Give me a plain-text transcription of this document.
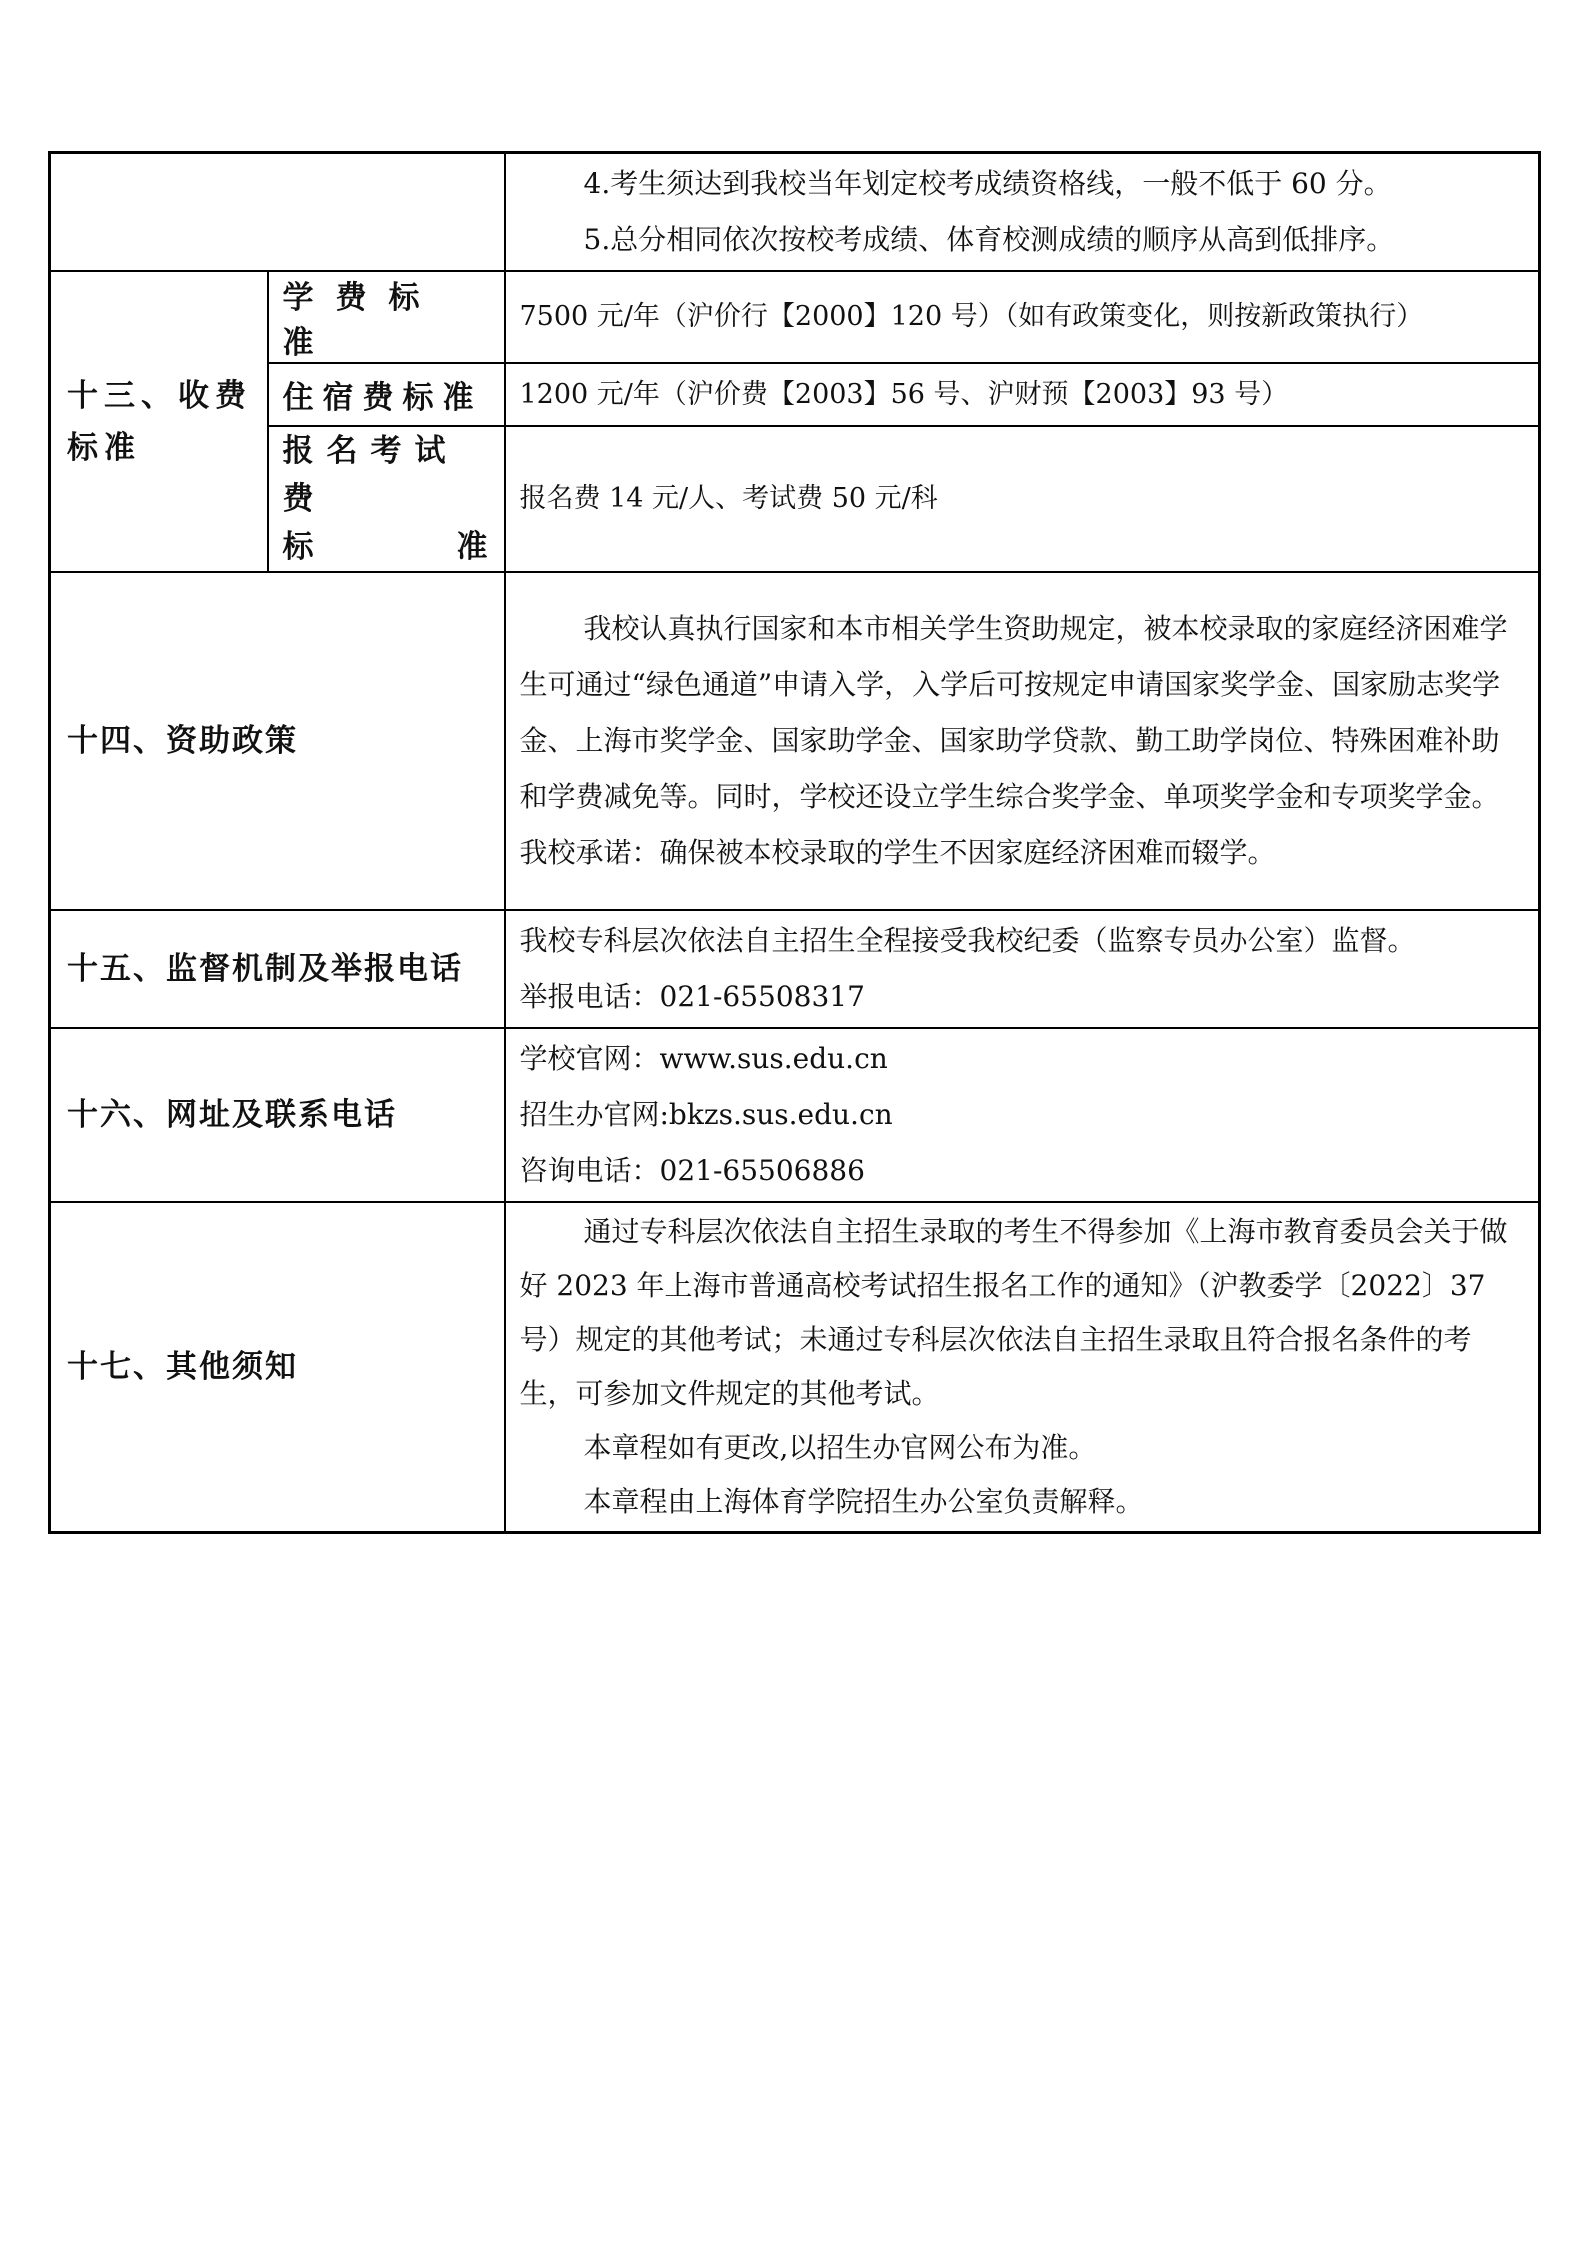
		4.考生须达到我校当年划定校考成绩资格线，一般不低于 60 分。

5.总分相同依次按校考成绩、体育校测成绩的顺序从高到低排序。

十三、收费标准	学费标准	7500 元/年（沪价行【2000】120 号）（如有政策变化，则按新政策执行）
	住宿费标准	1200 元/年（沪价费【2003】56 号、沪财预【2003】93 号）

	报名考试费
标 准	报名费 14 元/人、考试费 50 元/科
十四、资助政策		我校认真执行国家和本市相关学生资助规定，被本校录取的家庭经济困难学生可通过“绿色通道”申请入学，入学后可按规定申请国家奖学金、国家励志奖学金、上海市奖学金、国家助学金、国家助学贷款、勤工助学岗位、特殊困难补助和学费减免等。同时，学校还设立学生综合奖学金、单项奖学金和专项奖学金。我校承诺：确保被本校录取的学生不因家庭经济困难而辍学。

十五、监督机制及举报电话		我校专科层次依法自主招生全程接受我校纪委（监察专员办公室）监督。

举报电话：021-65508317

十六、网址及联系电话		学校官网：www.sus.edu.cn

招生办官网:bkzs.sus.edu.cn

咨询电话：021-65506886

十七、其他须知		通过专科层次依法自主招生录取的考生不得参加《上海市教育委员会关于做好 2023 年上海市普通高校考试招生报名工作的通知》（沪教委学〔2022〕37 号）规定的其他考试；未通过专科层次依法自主招生录取且符合报名条件的考生，可参加文件规定的其他考试。

本章程如有更改,以招生办官网公布为准。

本章程由上海体育学院招生办公室负责解释。
